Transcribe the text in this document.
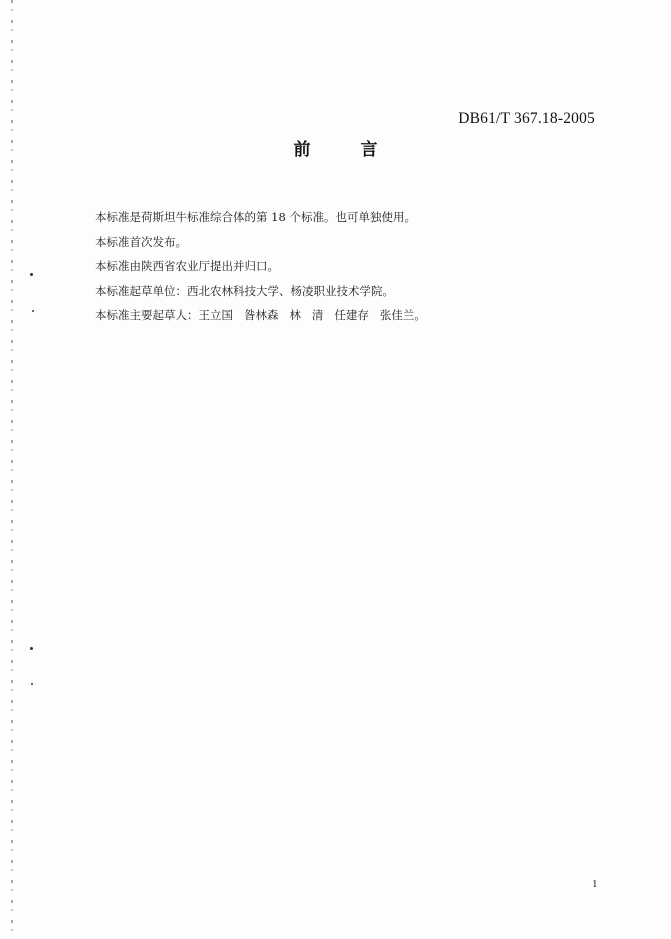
DB61/T 367.18-2005
前 言
本标准是荷斯坦牛标准综合体的第 18 个标准。也可单独使用。
本标准首次发布。
本标准由陕西省农业厅提出并归口。
本标准起草单位：西北农林科技大学、杨凌职业技术学院。
本标准主要起草人：王立国   昝林森   林   清   任建存   张佳兰。
1
